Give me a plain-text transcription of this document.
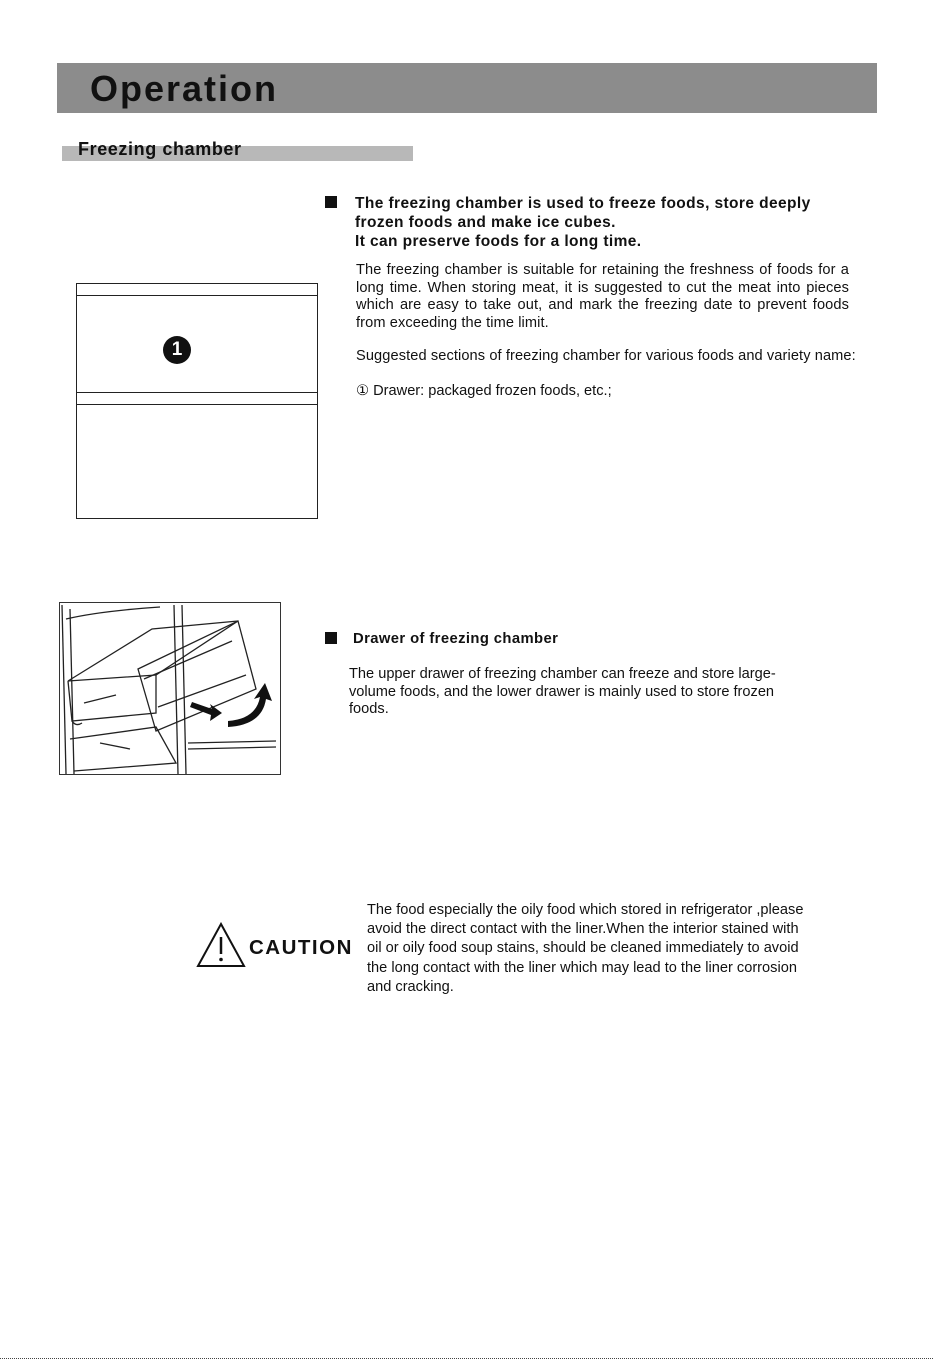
Operation
Freezing chamber
The freezing chamber is used to freeze foods, store deeply
frozen foods and make ice cubes.
It can preserve foods for a long time.
The freezing chamber is suitable for retaining the freshness of foods for a long time. When storing meat, it is suggested to cut the meat into pieces which are easy to take out, and mark the freezing date to prevent foods from exceeding the time limit.
Suggested sections of freezing chamber for various foods and variety name:
① Drawer: packaged frozen foods, etc.;
1
Drawer of freezing chamber
The upper drawer of freezing chamber can freeze and store large-
volume foods, and the lower drawer is mainly used to store frozen
foods.
CAUTION
The food especially the oily food which stored in refrigerator ,please
avoid the direct contact with the liner.When the interior stained with
oil or oily food soup stains, should be cleaned immediately to avoid
the long contact with the liner which may lead to the liner corrosion
and cracking.
